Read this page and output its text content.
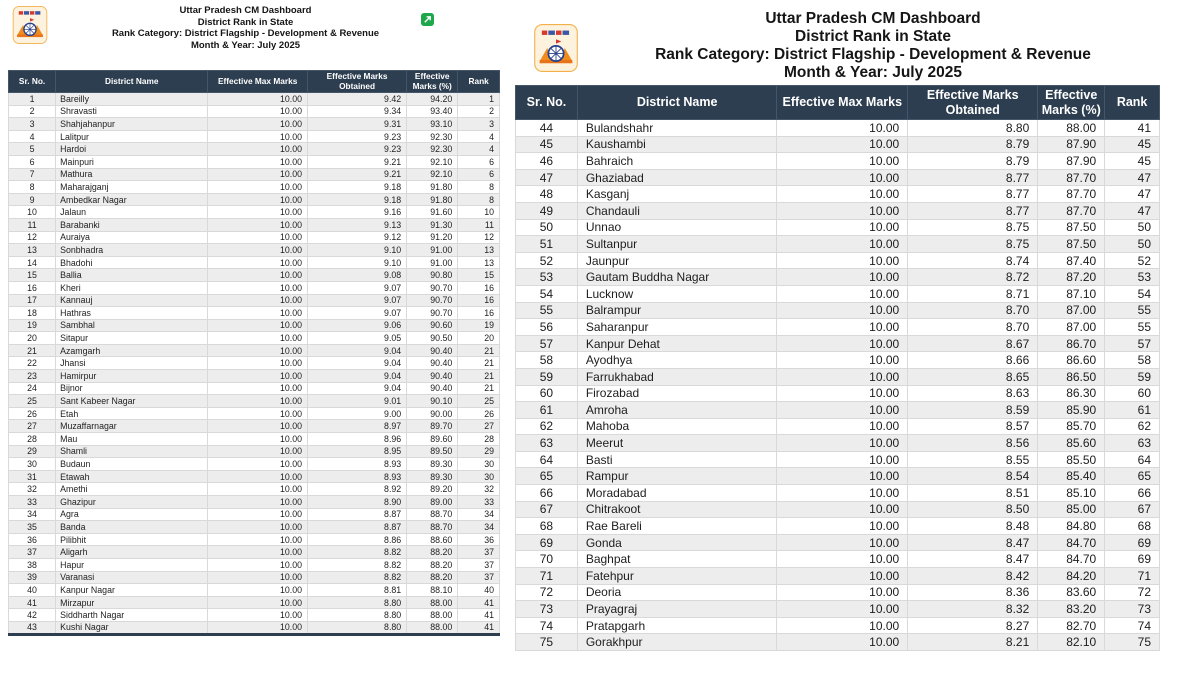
Uttar Pradesh CM Dashboard
District Rank in State
Rank Category: District Flagship - Development & Revenue
Month & Year: July 2025
Sr. No.	District Name	Effective Max Marks	Effective Marks Obtained	Effective Marks (%)	Rank
1	Bareilly	10.00	9.42	94.20	1
2	Shravasti	10.00	9.34	93.40	2
3	Shahjahanpur	10.00	9.31	93.10	3
4	Lalitpur	10.00	9.23	92.30	4
5	Hardoi	10.00	9.23	92.30	4
6	Mainpuri	10.00	9.21	92.10	6
7	Mathura	10.00	9.21	92.10	6
8	Maharajganj	10.00	9.18	91.80	8
9	Ambedkar Nagar	10.00	9.18	91.80	8
10	Jalaun	10.00	9.16	91.60	10
11	Barabanki	10.00	9.13	91.30	11
12	Auraiya	10.00	9.12	91.20	12
13	Sonbhadra	10.00	9.10	91.00	13
14	Bhadohi	10.00	9.10	91.00	13
15	Ballia	10.00	9.08	90.80	15
16	Kheri	10.00	9.07	90.70	16
17	Kannauj	10.00	9.07	90.70	16
18	Hathras	10.00	9.07	90.70	16
19	Sambhal	10.00	9.06	90.60	19
20	Sitapur	10.00	9.05	90.50	20
21	Azamgarh	10.00	9.04	90.40	21
22	Jhansi	10.00	9.04	90.40	21
23	Hamirpur	10.00	9.04	90.40	21
24	Bijnor	10.00	9.04	90.40	21
25	Sant Kabeer Nagar	10.00	9.01	90.10	25
26	Etah	10.00	9.00	90.00	26
27	Muzaffarnagar	10.00	8.97	89.70	27
28	Mau	10.00	8.96	89.60	28
29	Shamli	10.00	8.95	89.50	29
30	Budaun	10.00	8.93	89.30	30
31	Etawah	10.00	8.93	89.30	30
32	Amethi	10.00	8.92	89.20	32
33	Ghazipur	10.00	8.90	89.00	33
34	Agra	10.00	8.87	88.70	34
35	Banda	10.00	8.87	88.70	34
36	Pilibhit	10.00	8.86	88.60	36
37	Aligarh	10.00	8.82	88.20	37
38	Hapur	10.00	8.82	88.20	37
39	Varanasi	10.00	8.82	88.20	37
40	Kanpur Nagar	10.00	8.81	88.10	40
41	Mirzapur	10.00	8.80	88.00	41
42	Siddharth Nagar	10.00	8.80	88.00	41
43	Kushi Nagar	10.00	8.80	88.00	41
Uttar Pradesh CM Dashboard
District Rank in State
Rank Category: District Flagship - Development & Revenue
Month & Year: July 2025
Sr. No.	District Name	Effective Max Marks	Effective Marks Obtained	Effective Marks (%)	Rank
44	Bulandshahr	10.00	8.80	88.00	41
45	Kaushambi	10.00	8.79	87.90	45
46	Bahraich	10.00	8.79	87.90	45
47	Ghaziabad	10.00	8.77	87.70	47
48	Kasganj	10.00	8.77	87.70	47
49	Chandauli	10.00	8.77	87.70	47
50	Unnao	10.00	8.75	87.50	50
51	Sultanpur	10.00	8.75	87.50	50
52	Jaunpur	10.00	8.74	87.40	52
53	Gautam Buddha Nagar	10.00	8.72	87.20	53
54	Lucknow	10.00	8.71	87.10	54
55	Balrampur	10.00	8.70	87.00	55
56	Saharanpur	10.00	8.70	87.00	55
57	Kanpur Dehat	10.00	8.67	86.70	57
58	Ayodhya	10.00	8.66	86.60	58
59	Farrukhabad	10.00	8.65	86.50	59
60	Firozabad	10.00	8.63	86.30	60
61	Amroha	10.00	8.59	85.90	61
62	Mahoba	10.00	8.57	85.70	62
63	Meerut	10.00	8.56	85.60	63
64	Basti	10.00	8.55	85.50	64
65	Rampur	10.00	8.54	85.40	65
66	Moradabad	10.00	8.51	85.10	66
67	Chitrakoot	10.00	8.50	85.00	67
68	Rae Bareli	10.00	8.48	84.80	68
69	Gonda	10.00	8.47	84.70	69
70	Baghpat	10.00	8.47	84.70	69
71	Fatehpur	10.00	8.42	84.20	71
72	Deoria	10.00	8.36	83.60	72
73	Prayagraj	10.00	8.32	83.20	73
74	Pratapgarh	10.00	8.27	82.70	74
75	Gorakhpur	10.00	8.21	82.10	75
